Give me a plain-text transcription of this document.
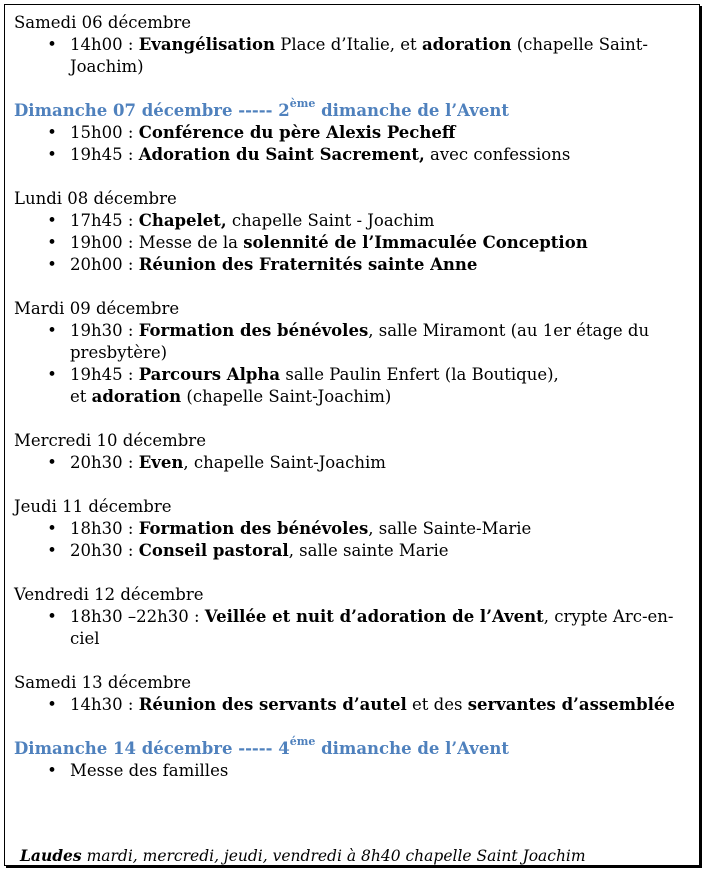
Samedi 06 décembre

• 14h00 : Evangélisation Place d’Italie, et adoration (chapelle Saint-Joachim)

Dimanche 07 décembre ----- 2ème dimanche de l’Avent

• 15h00 : Conférence du père Alexis Pecheff
• 19h45 : Adoration du Saint Sacrement, avec confessions

Lundi 08 décembre

• 17h45 : Chapelet, chapelle Saint - Joachim
• 19h00 : Messe de la solennité de l’Immaculée Conception
• 20h00 : Réunion des Fraternités sainte Anne

Mardi 09 décembre

• 19h30 : Formation des bénévoles, salle Miramont (au 1er étage du presbytère)
• 19h45 : Parcours Alpha salle Paulin Enfert (la Boutique),
et adoration (chapelle Saint-Joachim)

Mercredi 10 décembre

• 20h30 : Even, chapelle Saint-Joachim

Jeudi 11 décembre

• 18h30 : Formation des bénévoles, salle Sainte-Marie
• 20h30 : Conseil pastoral, salle sainte Marie

Vendredi 12 décembre

• 18h30 –22h30 : Veillée et nuit d’adoration de l’Avent, crypte Arc-en-ciel

Samedi 13 décembre

• 14h30 : Réunion des servants d’autel et des servantes d’assemblée

Dimanche 14 décembre ----- $4^{éme}$ dimanche de l’Avent

• Messe des familles
Laudes mardi, mercredi, jeudi, vendredi à 8h40 chapelle Saint Joachim
